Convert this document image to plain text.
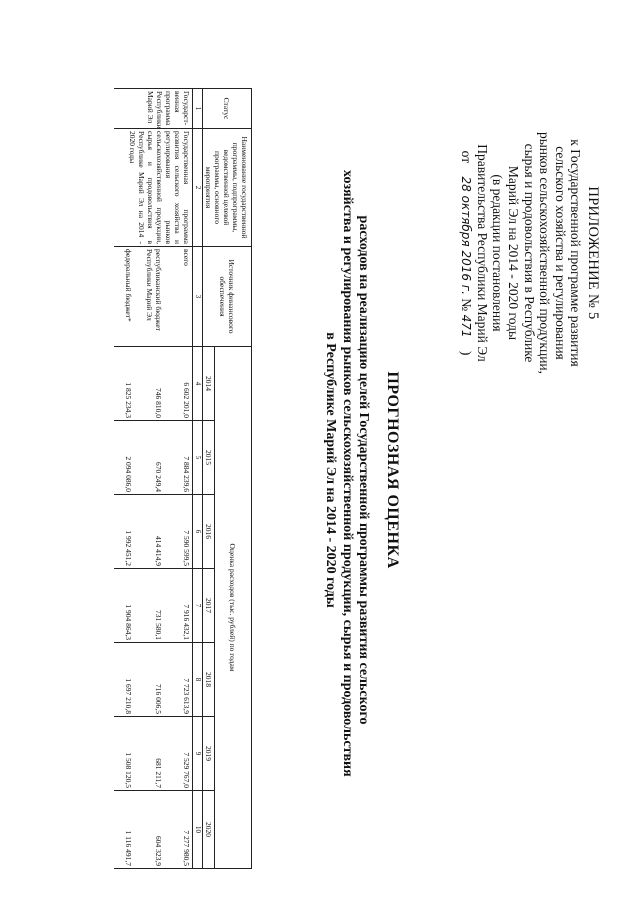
ПРИЛОЖЕНИЕ № 5
к Государственной программе развития
сельского хозяйства и регулирования
рынков сельскохозяйственной продукции,
сырья и продовольствия в Республике
Марий Эл на 2014 - 2020 годы
(в редакции постановления
Правительства Республики Марий Эл
от 28 октября 2016 г. № 471 )
ПРОГНОЗНАЯ ОЦЕНКА
расходов на реализацию целей Государственной программы развития сельского
хозяйства и регулирования рынков сельскохозяйственной продукции, сырья и продовольствия
в Республике Марий Эл на 2014 - 2020 годы
Статус	Наименование государственной программы, подпрограммы, ведомственной целевой программы, основного мероприятия	Источник финансового обеспечения	Оценка расходов (тыс. рублей) по годам						
			2014	2015	2016	2017	2018	2019	2020
1	2	3	4	5	6	7	8	9	10
Государст-венная программа Республики Марий Эл	Государственная программа развития сельского хозяйства и регулирования рынков сельскохозяйственной продукции, сырья и продовольствия в Республике Марий Эл на 2014 - 2020 годы	всего	6 602 201,0	7 884 239,6	7 590 599,5	7 916 432,1	7 723 613,9	7 529 767,0	7 277 980,5
		республиканский бюджет Республики Марий Эл	746 810,0	670 249,4	414 414,9	731 580,1	716 006,5	681 211,7	604 323,9
		федеральный бюджет*	1 825 234,3	2 094 086,0	1 992 451,2	1 904 864,3	1 697 210,8	1 508 120,5	1 116 491,7
